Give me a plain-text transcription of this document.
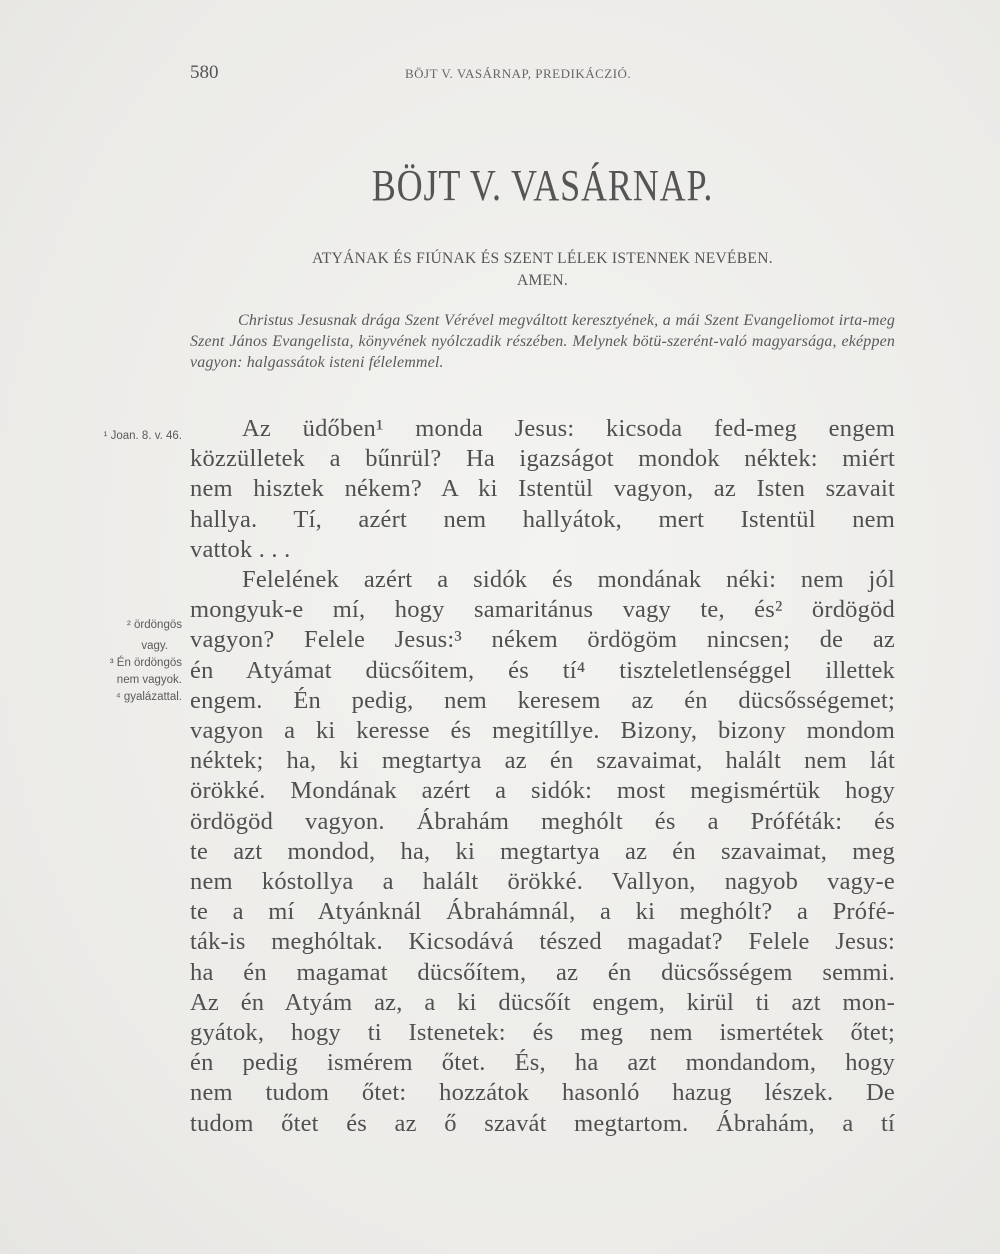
580	BÖJT V. VASÁRNAP, PREDIKÁCZIÓ.
BÖJT V. VASÁRNAP.
ATYÁNAK ÉS FIÚNAK ÉS SZENT LÉLEK ISTENNEK NEVÉBEN.
AMEN.
Christus Jesusnak drága Szent Vérével megváltott keresztyének, a mái Szent Evangeliomot irta-meg Szent János Evangelista, könyvének nyólczadik részében. Melynek bötü-szerént-való magyarsága, eképpen vagyon: halgassátok isteni félelemmel.
¹ Joan. 8. v. 46.
² ördöngös
vagy.
³ Én ördöngös
nem vagyok.
⁴ gyalázattal.
Az üdőben¹ monda Jesus: kicsoda fed-meg engem
közzülletek a bűnrül? Ha igazságot mondok néktek: miért
nem hisztek nékem? A ki Istentül vagyon, az Isten szavait
hallya. Tí, azért nem hallyátok, mert Istentül nem
vattok . . .
Felelének azért a sidók és mondának néki: nem jól
mongyuk-e mí, hogy samaritánus vagy te, és² ördögöd
vagyon? Felele Jesus:³ nékem ördögöm nincsen; de az
én Atyámat dücsőitem, és tí⁴ tiszteletlenséggel illettek
engem. Én pedig, nem keresem az én dücsősségemet;
vagyon a ki keresse és megitíllye. Bizony, bizony mondom
néktek; ha, ki megtartya az én szavaimat, halált nem lát
örökké. Mondának azért a sidók: most megismértük hogy
ördögöd vagyon. Ábrahám meghólt és a Próféták: és
te azt mondod, ha, ki megtartya az én szavaimat, meg
nem kóstollya a halált örökké. Vallyon, nagyob vagy-e
te a mí Atyánknál Ábrahámnál, a ki meghólt? a Prófé-
ták-is meghóltak. Kicsodává tészed magadat? Felele Jesus:
ha én magamat dücsőítem, az én dücsősségem semmi.
Az én Atyám az, a ki dücsőít engem, kirül ti azt mon-
gyátok, hogy ti Istenetek: és meg nem ismertétek őtet;
én pedig ismérem őtet. És, ha azt mondandom, hogy
nem tudom őtet: hozzátok hasonló hazug lészek. De
tudom őtet és az ő szavát megtartom. Ábrahám, a tí
